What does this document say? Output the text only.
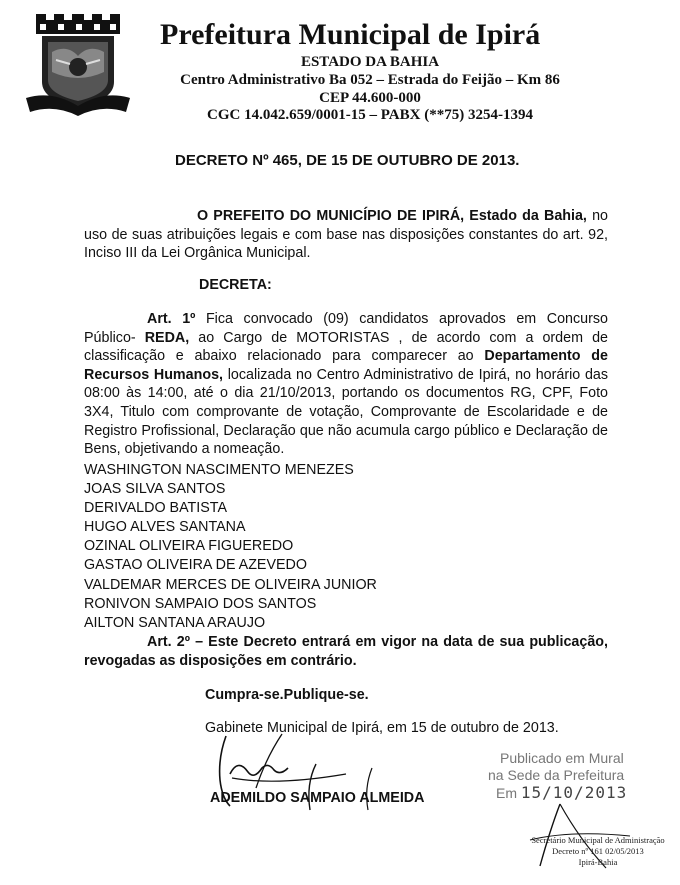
Prefeitura Municipal de Ipirá
ESTADO DA BAHIA
Centro Administrativo Ba 052 – Estrada do Feijão – Km 86
CEP 44.600-000
CGC 14.042.659/0001-15 – PABX (**75) 3254-1394
DECRETO Nº 465, DE 15 DE OUTUBRO DE 2013.
O PREFEITO DO MUNICÍPIO DE IPIRÁ, Estado da Bahia, no uso de suas atribuições legais e com base nas disposições constantes do art. 92, Inciso III da Lei Orgânica Municipal.
DECRETA:
Art. 1º Fica convocado (09) candidatos aprovados em Concurso Público- REDA, ao Cargo de MOTORISTAS , de acordo com a ordem de classificação e abaixo relacionado para comparecer ao Departamento de Recursos Humanos, localizada no Centro Administrativo de Ipirá, no horário das 08:00 às 14:00, até o dia 21/10/2013, portando os documentos RG, CPF, Foto 3X4, Titulo com comprovante de votação, Comprovante de Escolaridade e de Registro Profissional, Declaração que não acumula cargo público e Declaração de Bens, objetivando a nomeação.
WASHINGTON NASCIMENTO MENEZES
JOAS SILVA SANTOS
DERIVALDO BATISTA
HUGO ALVES SANTANA
OZINAL OLIVEIRA FIGUEREDO
GASTAO OLIVEIRA DE AZEVEDO
VALDEMAR MERCES DE OLIVEIRA JUNIOR
RONIVON SAMPAIO DOS SANTOS
AILTON SANTANA ARAUJO
Art. 2º – Este Decreto entrará em vigor na data de sua publicação, revogadas as disposições em contrário.
Cumpra-se.Publique-se.
Gabinete Municipal de Ipirá, em 15 de outubro de 2013.
ADEMILDO SAMPAIO ALMEIDA
Publicado em Mural
na Sede da Prefeitura
Em 15/10/2013
Secretário Municipal de Administração
Decreto nº 161 02/05/2013
Ipirá-Bahia
